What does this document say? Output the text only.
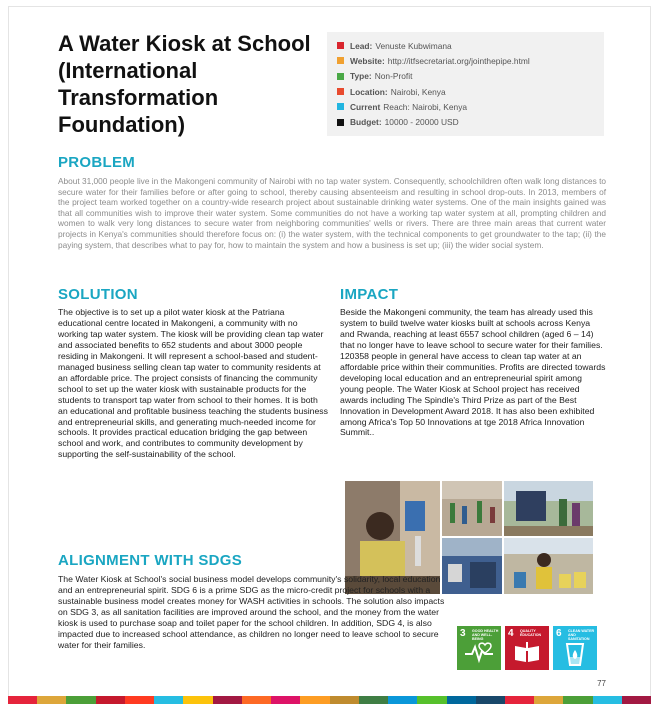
A Water Kiosk at School (International Transformation Foundation)
Lead: Venuste Kubwimana
Website: http://itfsecretariat.org/jointhepipe.html
Type: Non-Profit
Location: Nairobi, Kenya
Current Reach: Nairobi, Kenya
Budget: 10000 - 20000 USD
PROBLEM

About 31,000 people live in the Makongeni community of Nairobi with no tap water system. Consequently, schoolchildren often walk long distances to secure water for their families before or after going to school, thereby causing absenteeism and resulting in school drop-outs. In 2013, members of the project team worked together on a country-wide research project about sustainable drinking water systems. One of the main insights gained was that all communities wish to improve their water system. Some communities do not have a working tap water system at all, prompting children and women to walk very long distances to secure water from neighboring communities' wells or rivers. There are three main areas that current water projects in Kenya's communities should therefore focus on: (i) the water system, with the technical components to get groundwater to the tap; (ii) the paying system, that describes what to pay for, how to maintain the system and how a business is set up; (iii) the wider social system.

SOLUTION

The objective is to set up a pilot water kiosk at the Patriana educational centre located in Makongeni, a community with no working tap water system. The kiosk will be providing clean tap water and associated benefits to 652 students and about 3000 people residing in Makongeni. It will represent a school-based and student-managed business selling clean tap water to community residents at an affordable price. The project consists of financing the community school to set up the water kiosk with sustainable products for the students to transport tap water from school to their homes. It is both an educational and profitable business teaching the students business and entrepreneurial skills, and generating much-needed income for schools. It provides practical education bridging the gap between school and work, and contributes to community development by supporting the self-sustainability of the school.

IMPACT

Beside the Makongeni community, the team has already used this system to build twelve water kiosks built at schools across Kenya and Rwanda, reaching at least 6557 school children (aged 6 – 14) that no longer have to leave school to secure water for their families. 120358 people in general have access to clean tap water at an affordable price within their communities. Profits are directed towards developing local education and an entrepreneurial spirit among young people. The Water Kiosk at School project has received awards including The Spindle's Third Prize as part of the Best Innovation in Development Award 2018. It has also been exhibited among Africa's Top 50 Innovations at tge 2018 Africa Innovation Summit..

ALIGNMENT WITH SDGS

The Water Kiosk at School's social business model develops community's solidarity, local education and an entrepreneurial spirit. SDG 6 is a prime SDG as the micro-credit project for schools with a sustainable business model creates money for WASH activities in schools. The solution also impacts on SDG 3, as all sanitation facilities are improved around the school, and the money from the water kiosk is used to purchase soap and toilet paper for the school children. In addition, SDG 4, is also impacted due to increased school attendance, as children no longer need to leave school to secure water for their families.

3 GOOD HEALTH AND WELL-BEING	4 QUALITY EDUCATION	6 CLEAN WATER AND SANITATION
77
